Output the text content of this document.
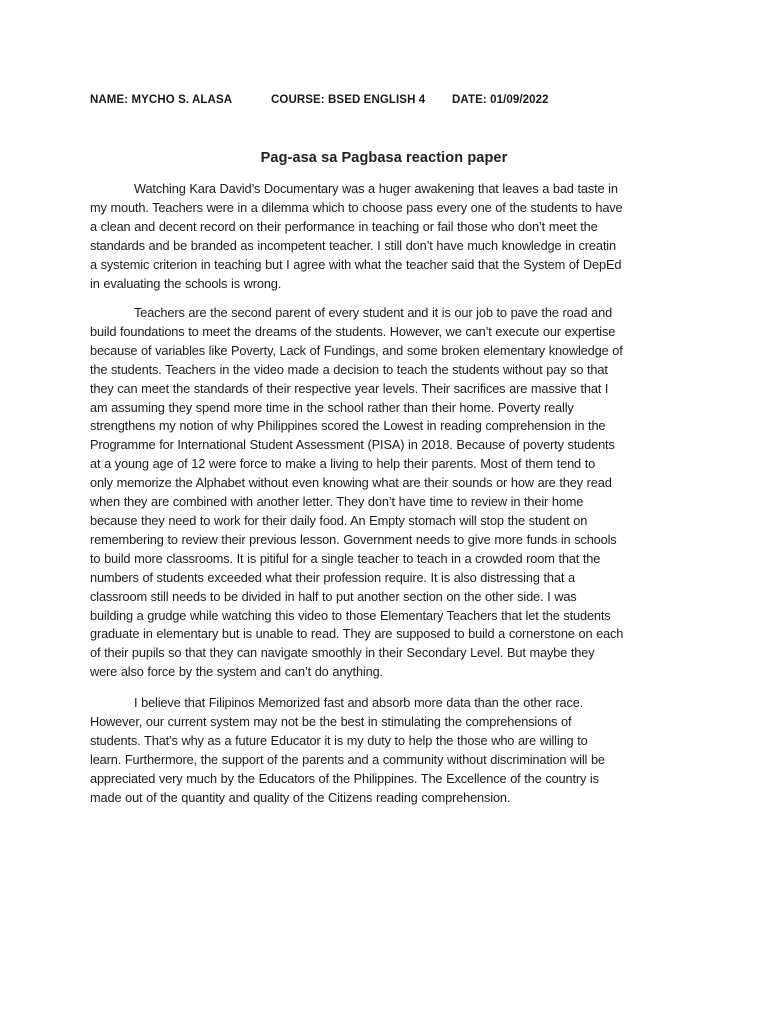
NAME: MYCHO S. ALASA	COURSE: BSED ENGLISH 4 DATE: 01/09/2022
Pag-asa sa Pagbasa reaction paper

Watching Kara David’s Documentary was a huger awakening that leaves a bad taste in
my mouth. Teachers were in a dilemma which to choose pass every one of the students to have
a clean and decent record on their performance in teaching or fail those who don’t meet the
standards and be branded as incompetent teacher. I still don’t have much knowledge in creatin
a systemic criterion in teaching but I agree with what the teacher said that the System of DepEd
in evaluating the schools is wrong.

Teachers are the second parent of every student and it is our job to pave the road and
build foundations to meet the dreams of the students. However, we can’t execute our expertise
because of variables like Poverty, Lack of Fundings, and some broken elementary knowledge of
the students. Teachers in the video made a decision to teach the students without pay so that
they can meet the standards of their respective year levels. Their sacrifices are massive that I
am assuming they spend more time in the school rather than their home. Poverty really
strengthens my notion of why Philippines scored the Lowest in reading comprehension in the
Programme for International Student Assessment (PISA) in 2018. Because of poverty students
at a young age of 12 were force to make a living to help their parents. Most of them tend to
only memorize the Alphabet without even knowing what are their sounds or how are they read
when they are combined with another letter. They don’t have time to review in their home
because they need to work for their daily food. An Empty stomach will stop the student on
remembering to review their previous lesson. Government needs to give more funds in schools
to build more classrooms. It is pitiful for a single teacher to teach in a crowded room that the
numbers of students exceeded what their profession require. It is also distressing that a
classroom still needs to be divided in half to put another section on the other side. I was
building a grudge while watching this video to those Elementary Teachers that let the students
graduate in elementary but is unable to read. They are supposed to build a cornerstone on each
of their pupils so that they can navigate smoothly in their Secondary Level. But maybe they
were also force by the system and can’t do anything.

I believe that Filipinos Memorized fast and absorb more data than the other race.
However, our current system may not be the best in stimulating the comprehensions of
students. That’s why as a future Educator it is my duty to help the those who are willing to
learn. Furthermore, the support of the parents and a community without discrimination will be
appreciated very much by the Educators of the Philippines. The Excellence of the country is
made out of the quantity and quality of the Citizens reading comprehension.
